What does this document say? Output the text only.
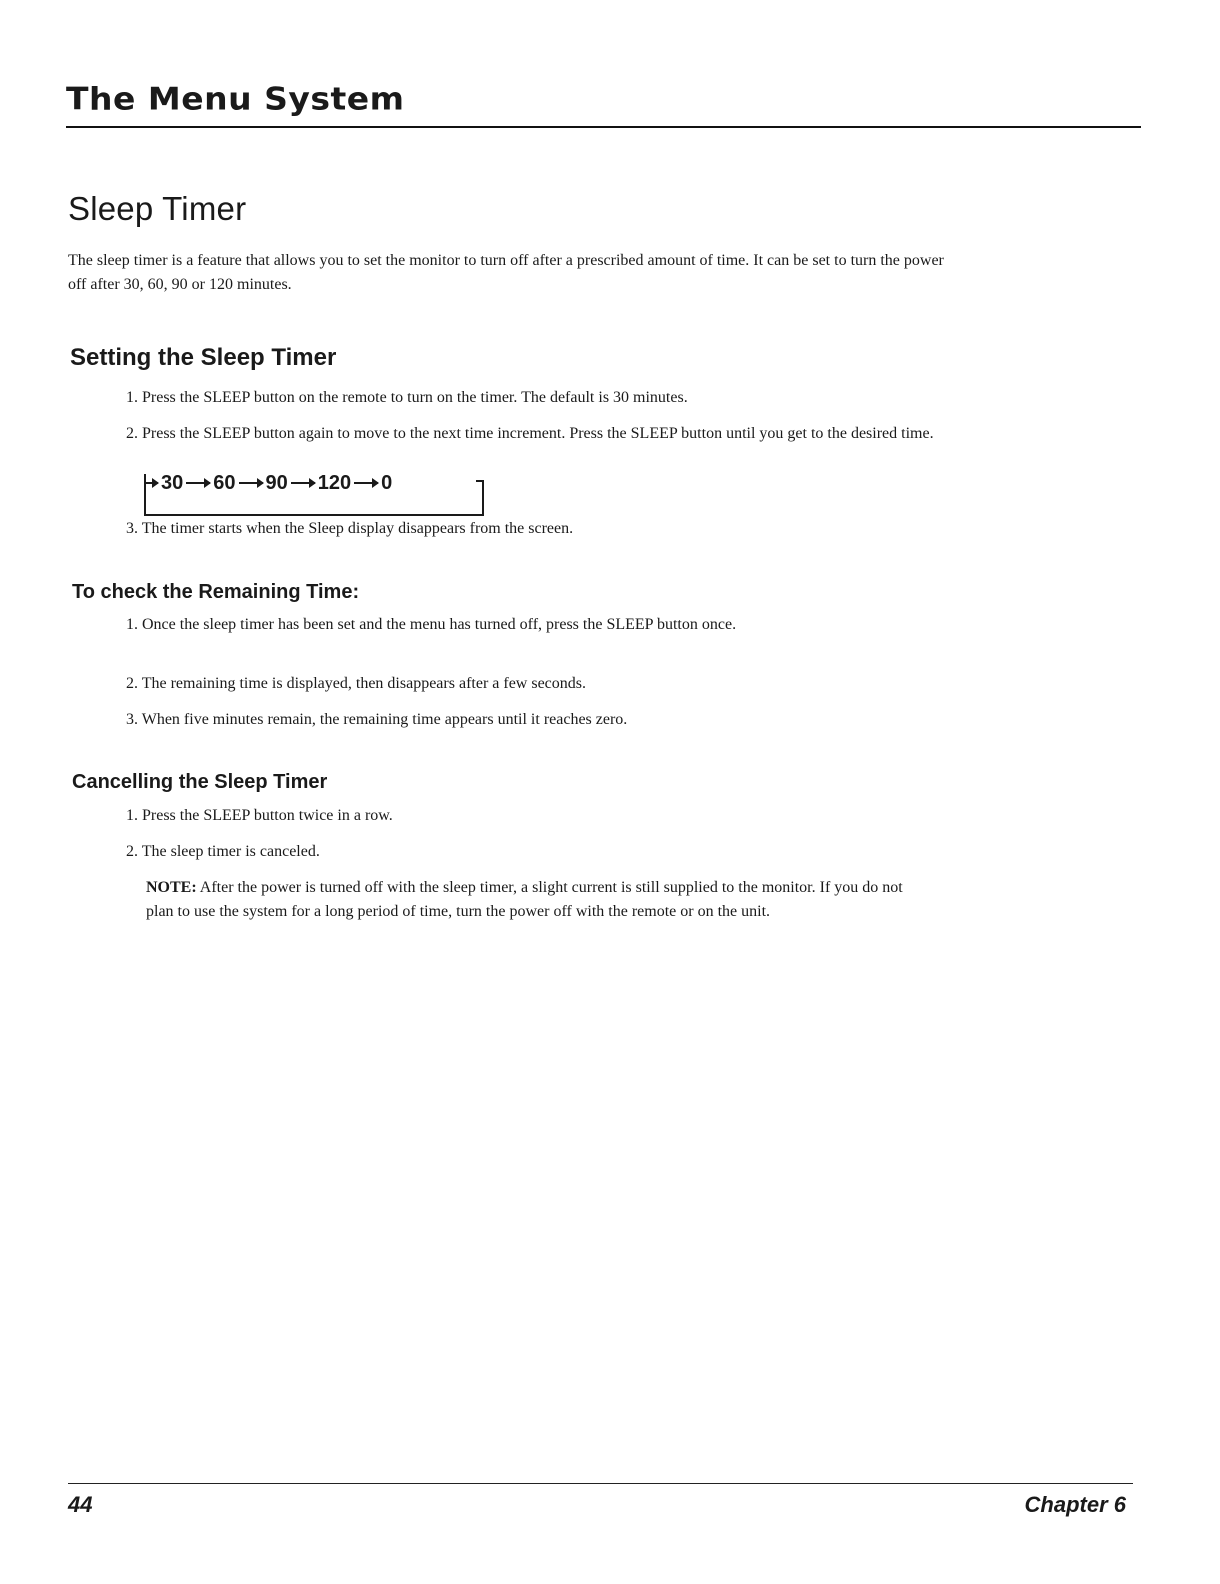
The Menu System
Sleep Timer

The sleep timer is a feature that allows you to set the monitor to turn off after a prescribed amount of time. It can be set to turn the power off after 30, 60, 90 or 120 minutes.

Setting the Sleep Timer

1. Press the SLEEP button on the remote to turn on the timer. The default is 30 minutes.

2. Press the SLEEP button again to move to the next time increment. Press the SLEEP button until you get to the desired time.

30 60 90 120 0

3. The timer starts when the Sleep display disappears from the screen.

To check the Remaining Time:

1. Once the sleep timer has been set and the menu has turned off, press the SLEEP button once.

2. The remaining time is displayed, then disappears after a few seconds.

3. When five minutes remain, the remaining time appears until it reaches zero.

Cancelling the Sleep Timer

1. Press the SLEEP button twice in a row.

2. The sleep timer is canceled.

NOTE: After the power is turned off with the sleep timer, a slight current is still supplied to the monitor. If you do not plan to use the system for a long period of time, turn the power off with the remote or on the unit.

44	Chapter 6
